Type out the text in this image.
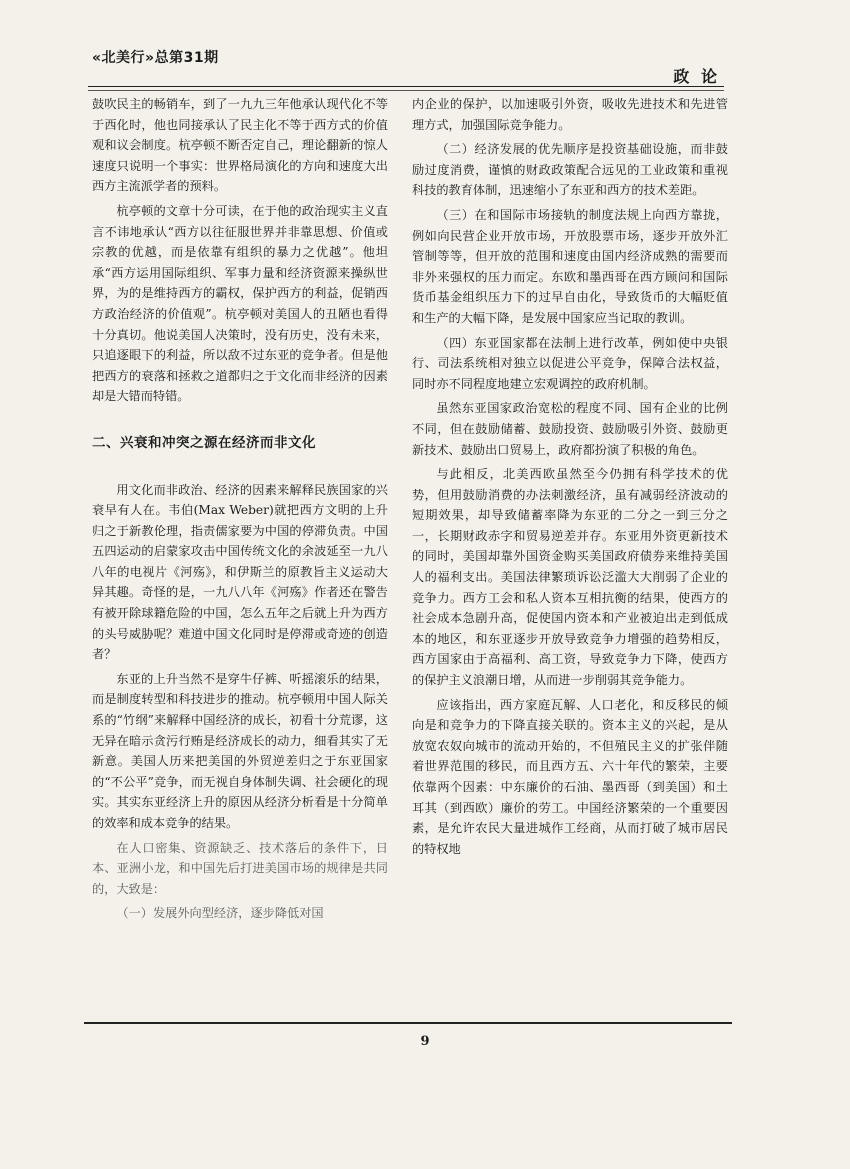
«北美行»总第31期
政 论

鼓吹民主的畅销车，到了一九九三年他承认现代化不等于西化时，他也同接承认了民主化不等于西方式的价值观和议会制度。杭亭顿不断否定自己，理论翻新的惊人速度只说明一个事实：世界格局演化的方向和速度大出西方主流派学者的预料。

杭亭顿的文章十分可读，在于他的政治现实主义直言不讳地承认“西方以往征服世界并非靠思想、价值或宗教的优越，而是依靠有组织的暴力之优越”。他坦承“西方运用国际组织、军事力量和经济资源来操纵世界，为的是维持西方的霸权，保护西方的利益，促销西方政治经济的价值观”。杭亭顿对美国人的丑陋也看得十分真切。他说美国人决策时，没有历史，没有未来，只追逐眼下的利益，所以敌不过东亚的竞争者。但是他把西方的衰落和拯救之道都归之于文化而非经济的因素却是大错而特错。

二、兴衰和冲突之源在经济而非文化

用文化而非政治、经济的因素来解释民族国家的兴衰早有人在。韦伯(Max Weber)就把西方文明的上升归之于新教伦理，指责儒家要为中国的停滞负责。中国五四运动的启蒙家攻击中国传统文化的余波延至一九八八年的电视片《河殇》，和伊斯兰的原教旨主义运动大异其趣。奇怪的是，一九八八年《河殇》作者还在警告有被开除球籍危险的中国，怎么五年之后就上升为西方的头号威胁呢？难道中国文化同时是停滞或奇迹的创造者？

东亚的上升当然不是穿牛仔裤、听摇滚乐的结果，而是制度转型和科技进步的推动。杭亭顿用中国人际关系的“竹纲”来解释中国经济的成长，初看十分荒谬，这无异在暗示贪污行贿是经济成长的动力，细看其实了无新意。美国人历来把美国的外贸逆差归之于东亚国家的“不公平”竞争，而无视自身体制失调、社会硬化的现实。其实东亚经济上升的原因从经济分析看是十分简单的效率和成本竞争的结果。

在人口密集、资源缺乏、技术落后的条件下，日本、亚洲小龙，和中国先后打进美国市场的规律是共同的，大致是：

（一）发展外向型经济，逐步降低对国

内企业的保护，以加速吸引外资，吸收先进技术和先进管理方式，加强国际竞争能力。

（二）经济发展的优先顺序是投资基础设施，而非鼓励过度消费，谨慎的财政政策配合远见的工业政策和重视科技的教育体制，迅速缩小了东亚和西方的技术差距。

（三）在和国际市场接轨的制度法规上向西方靠拢，例如向民营企业开放市场，开放股票市场，逐步开放外汇管制等等，但开放的范围和速度由国内经济成熟的需要而非外来强权的压力而定。东欧和墨西哥在西方顾问和国际货币基金组织压力下的过早自由化，导致货币的大幅贬值和生产的大幅下降，是发展中国家应当记取的教训。

（四）东亚国家都在法制上进行改革，例如使中央银行、司法系统相对独立以促进公平竞争，保障合法权益，同时亦不同程度地建立宏观调控的政府机制。

虽然东亚国家政治宽松的程度不同、国有企业的比例不同，但在鼓励储蓄、鼓励投资、鼓励吸引外资、鼓励更新技术、鼓励出口贸易上，政府都扮演了积极的角色。

与此相反，北美西欧虽然至今仍拥有科学技术的优势，但用鼓励消费的办法刺激经济，虽有减弱经济波动的短期效果，却导致储蓄率降为东亚的二分之一到三分之一，长期财政赤字和贸易逆差并存。东亚用外资更新技术的同时，美国却靠外国资金购买美国政府债券来维持美国人的福利支出。美国法律繁琐诉讼泛滥大大削弱了企业的竞争力。西方工会和私人资本互相抗衡的结果，使西方的社会成本急剧升高，促使国内资本和产业被迫出走到低成本的地区，和东亚逐步开放导致竞争力增强的趋势相反，西方国家由于高福利、高工资，导致竞争力下降，使西方的保护主义浪潮日增，从而进一步削弱其竞争能力。

应该指出，西方家庭瓦解、人口老化，和反移民的倾向是和竞争力的下降直接关联的。资本主义的兴起，是从放宽农奴向城市的流动开始的，不但殖民主义的扩张伴随着世界范围的移民，而且西方五、六十年代的繁荣，主要依靠两个因素：中东廉价的石油、墨西哥（到美国）和土耳其（到西欧）廉价的劳工。中国经济繁荣的一个重要因素，是允许农民大量进城作工经商，从而打破了城市居民的特权地

9
